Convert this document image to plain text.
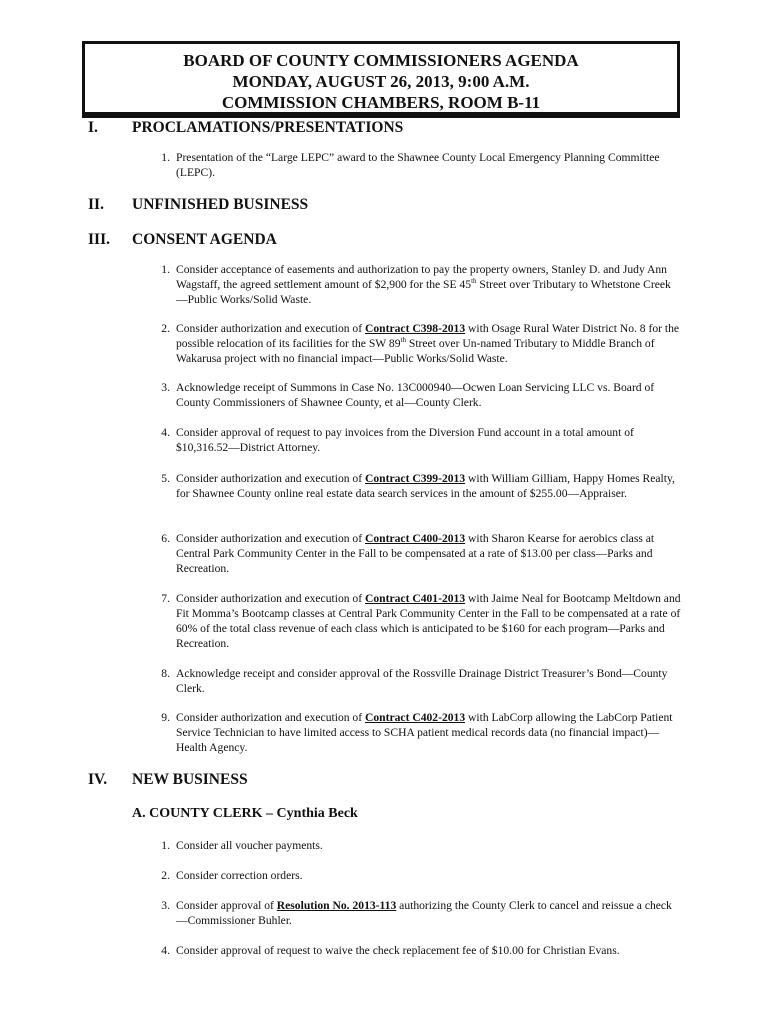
BOARD OF COUNTY COMMISSIONERS AGENDA
MONDAY, AUGUST 26, 2013, 9:00 A.M.
COMMISSION CHAMBERS, ROOM B-11
I. PROCLAMATIONS/PRESENTATIONS
1. Presentation of the “Large LEPC” award to the Shawnee County Local Emergency Planning Committee (LEPC).
II. UNFINISHED BUSINESS
III. CONSENT AGENDA
1. Consider acceptance of easements and authorization to pay the property owners, Stanley D. and Judy Ann Wagstaff, the agreed settlement amount of $2,900 for the SE 45th Street over Tributary to Whetstone Creek—Public Works/Solid Waste.
2. Consider authorization and execution of Contract C398-2013 with Osage Rural Water District No. 8 for the possible relocation of its facilities for the SW 89th Street over Un-named Tributary to Middle Branch of Wakarusa project with no financial impact—Public Works/Solid Waste.
3. Acknowledge receipt of Summons in Case No. 13C000940—Ocwen Loan Servicing LLC vs. Board of County Commissioners of Shawnee County, et al—County Clerk.
4. Consider approval of request to pay invoices from the Diversion Fund account in a total amount of $10,316.52—District Attorney.
5. Consider authorization and execution of Contract C399-2013 with William Gilliam, Happy Homes Realty, for Shawnee County online real estate data search services in the amount of $255.00—Appraiser.
6. Consider authorization and execution of Contract C400-2013 with Sharon Kearse for aerobics class at Central Park Community Center in the Fall to be compensated at a rate of $13.00 per class—Parks and Recreation.
7. Consider authorization and execution of Contract C401-2013 with Jaime Neal for Bootcamp Meltdown and Fit Momma’s Bootcamp classes at Central Park Community Center in the Fall to be compensated at a rate of 60% of the total class revenue of each class which is anticipated to be $160 for each program—Parks and Recreation.
8. Acknowledge receipt and consider approval of the Rossville Drainage District Treasurer’s Bond—County Clerk.
9. Consider authorization and execution of Contract C402-2013 with LabCorp allowing the LabCorp Patient Service Technician to have limited access to SCHA patient medical records data (no financial impact)—Health Agency.
IV. NEW BUSINESS
A. COUNTY CLERK – Cynthia Beck
1. Consider all voucher payments.
2. Consider correction orders.
3. Consider approval of Resolution No. 2013-113 authorizing the County Clerk to cancel and reissue a check—Commissioner Buhler.
4. Consider approval of request to waive the check replacement fee of $10.00 for Christian Evans.
